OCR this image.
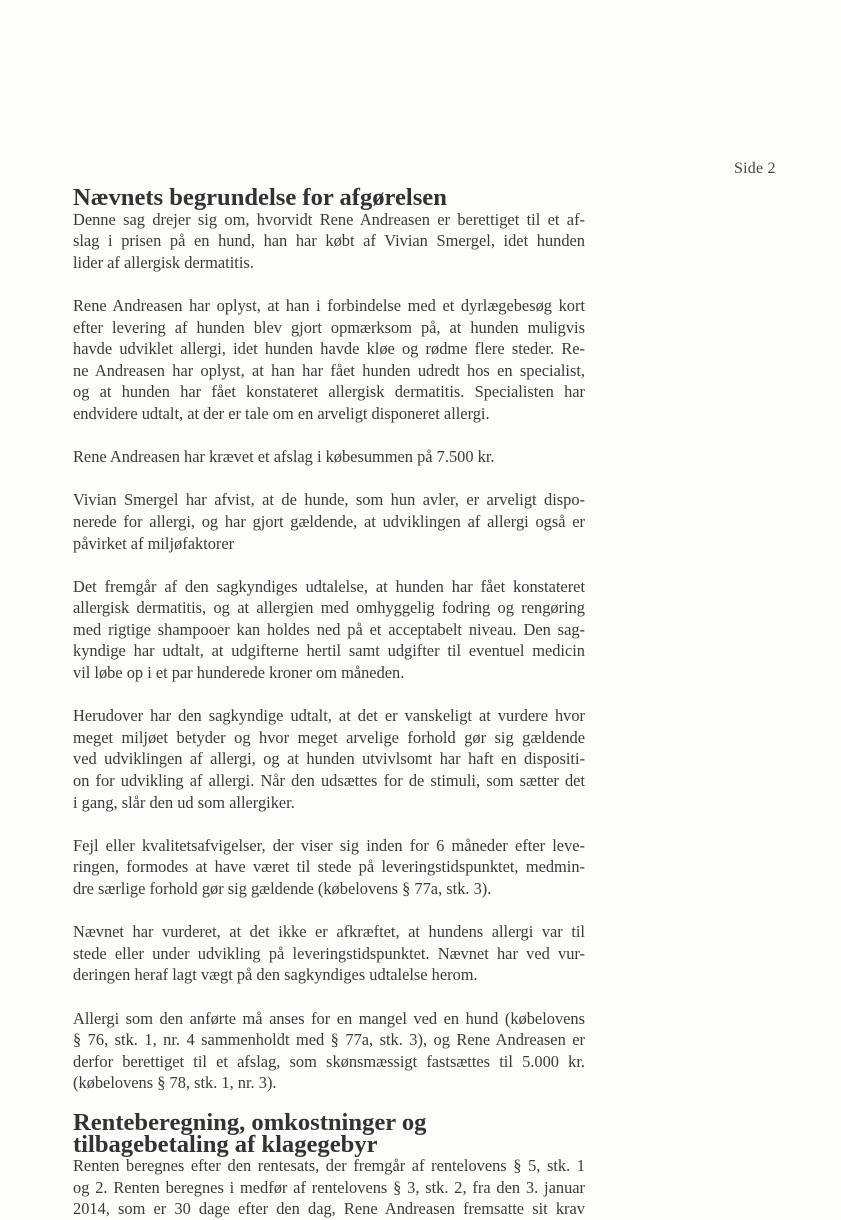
Side 2
Nævnets begrundelse for afgørelsen

Denne sag drejer sig om, hvorvidt Rene Andreasen er berettiget til et af-
slag i prisen på en hund, han har købt af Vivian Smergel, idet hunden
lider af allergisk dermatitis.

Rene Andreasen har oplyst, at han i forbindelse med et dyrlægebesøg kort
efter levering af hunden blev gjort opmærksom på, at hunden muligvis
havde udviklet allergi, idet hunden havde kløe og rødme flere steder. Re-
ne Andreasen har oplyst, at han har fået hunden udredt hos en specialist,
og at hunden har fået konstateret allergisk dermatitis. Specialisten har
endvidere udtalt, at der er tale om en arveligt disponeret allergi.

Rene Andreasen har krævet et afslag i købesummen på 7.500 kr.

Vivian Smergel har afvist, at de hunde, som hun avler, er arveligt dispo-
nerede for allergi, og har gjort gældende, at udviklingen af allergi også er
påvirket af miljøfaktorer

Det fremgår af den sagkyndiges udtalelse, at hunden har fået konstateret
allergisk dermatitis, og at allergien med omhyggelig fodring og rengøring
med rigtige shampooer kan holdes ned på et acceptabelt niveau. Den sag-
kyndige har udtalt, at udgifterne hertil samt udgifter til eventuel medicin
vil løbe op i et par hunderede kroner om måneden.

Herudover har den sagkyndige udtalt, at det er vanskeligt at vurdere hvor
meget miljøet betyder og hvor meget arvelige forhold gør sig gældende
ved udviklingen af allergi, og at hunden utvivlsomt har haft en dispositi-
on for udvikling af allergi. Når den udsættes for de stimuli, som sætter det
i gang, slår den ud som allergiker.

Fejl eller kvalitetsafvigelser, der viser sig inden for 6 måneder efter leve-
ringen, formodes at have været til stede på leveringstidspunktet, medmin-
dre særlige forhold gør sig gældende (købelovens § 77a, stk. 3).

Nævnet har vurderet, at det ikke er afkræftet, at hundens allergi var til
stede eller under udvikling på leveringstidspunktet. Nævnet har ved vur-
deringen heraf lagt vægt på den sagkyndiges udtalelse herom.

Allergi som den anførte må anses for en mangel ved en hund (købelovens
§ 76, stk. 1, nr. 4 sammenholdt med § 77a, stk. 3), og Rene Andreasen er
derfor berettiget til et afslag, som skønsmæssigt fastsættes til 5.000 kr.
(købelovens § 78, stk. 1, nr. 3).

Renteberegning, omkostninger og tilbagebetaling af klagegebyr

Renten beregnes efter den rentesats, der fremgår af rentelovens § 5, stk. 1
og 2. Renten beregnes i medfør af rentelovens § 3, stk. 2, fra den 3. januar
2014, som er 30 dage efter den dag, Rene Andreasen fremsatte sit krav
